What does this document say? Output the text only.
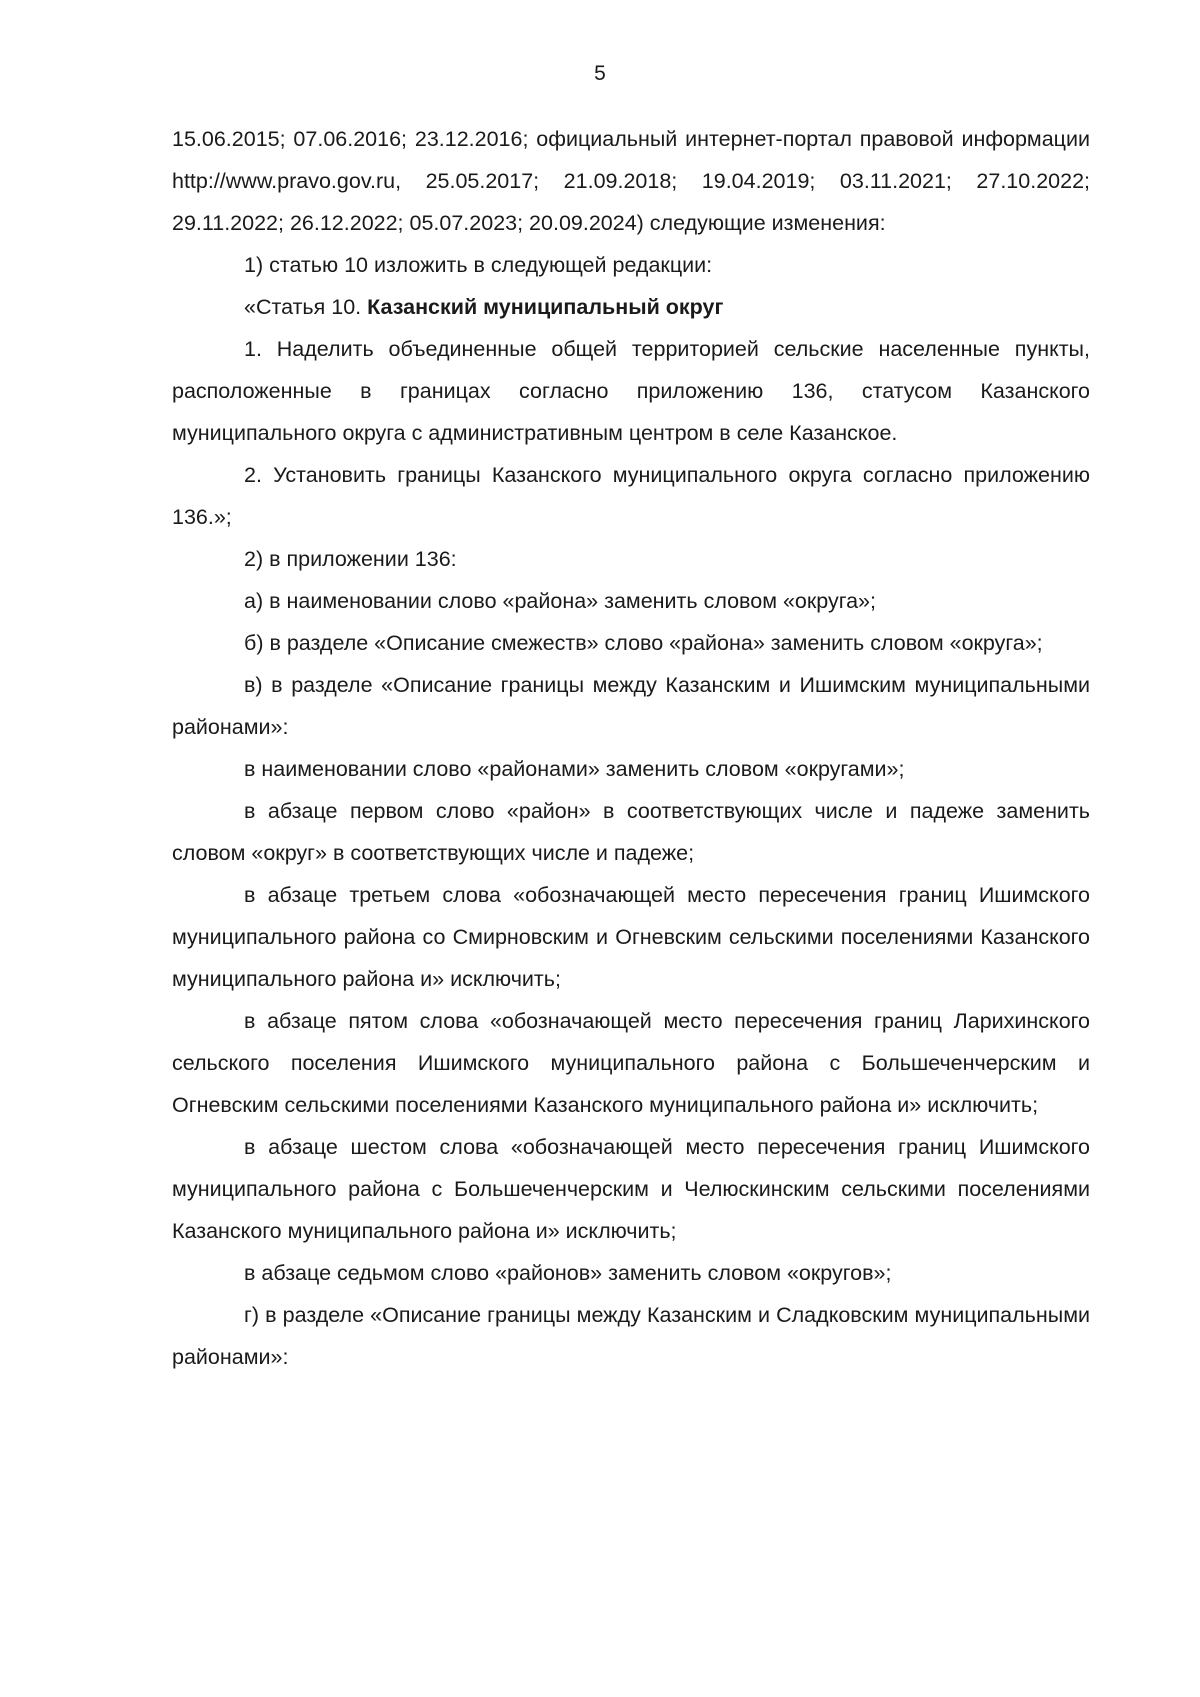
5

15.06.2015; 07.06.2016; 23.12.2016; официальный интернет-портал правовой информации http://www.pravo.gov.ru, 25.05.2017; 21.09.2018; 19.04.2019; 03.11.2021; 27.10.2022; 29.11.2022; 26.12.2022; 05.07.2023; 20.09.2024) следующие изменения:

1) статью 10 изложить в следующей редакции:

«Статья 10. Казанский муниципальный округ

1. Наделить объединенные общей территорией сельские населенные пункты, расположенные в границах согласно приложению 136, статусом Казанского муниципального округа с административным центром в селе Казанское.

2. Установить границы Казанского муниципального округа согласно приложению 136.»;

2) в приложении 136:

а) в наименовании слово «района» заменить словом «округа»;

б) в разделе «Описание смежеств» слово «района» заменить словом «округа»;

в) в разделе «Описание границы между Казанским и Ишимским муниципальными районами»:

в наименовании слово «районами» заменить словом «округами»;

в абзаце первом слово «район» в соответствующих числе и падеже заменить словом «округ» в соответствующих числе и падеже;

в абзаце третьем слова «обозначающей место пересечения границ Ишимского муниципального района со Смирновским и Огневским сельскими поселениями Казанского муниципального района и» исключить;

в абзаце пятом слова «обозначающей место пересечения границ Ларихинского сельского поселения Ишимского муниципального района с Большеченчерским и Огневским сельскими поселениями Казанского муниципального района и» исключить;

в абзаце шестом слова «обозначающей место пересечения границ Ишимского муниципального района с Большеченчерским и Челюскинским сельскими поселениями Казанского муниципального района и» исключить;

в абзаце седьмом слово «районов» заменить словом «округов»;

г) в разделе «Описание границы между Казанским и Сладковским муниципальными районами»:
